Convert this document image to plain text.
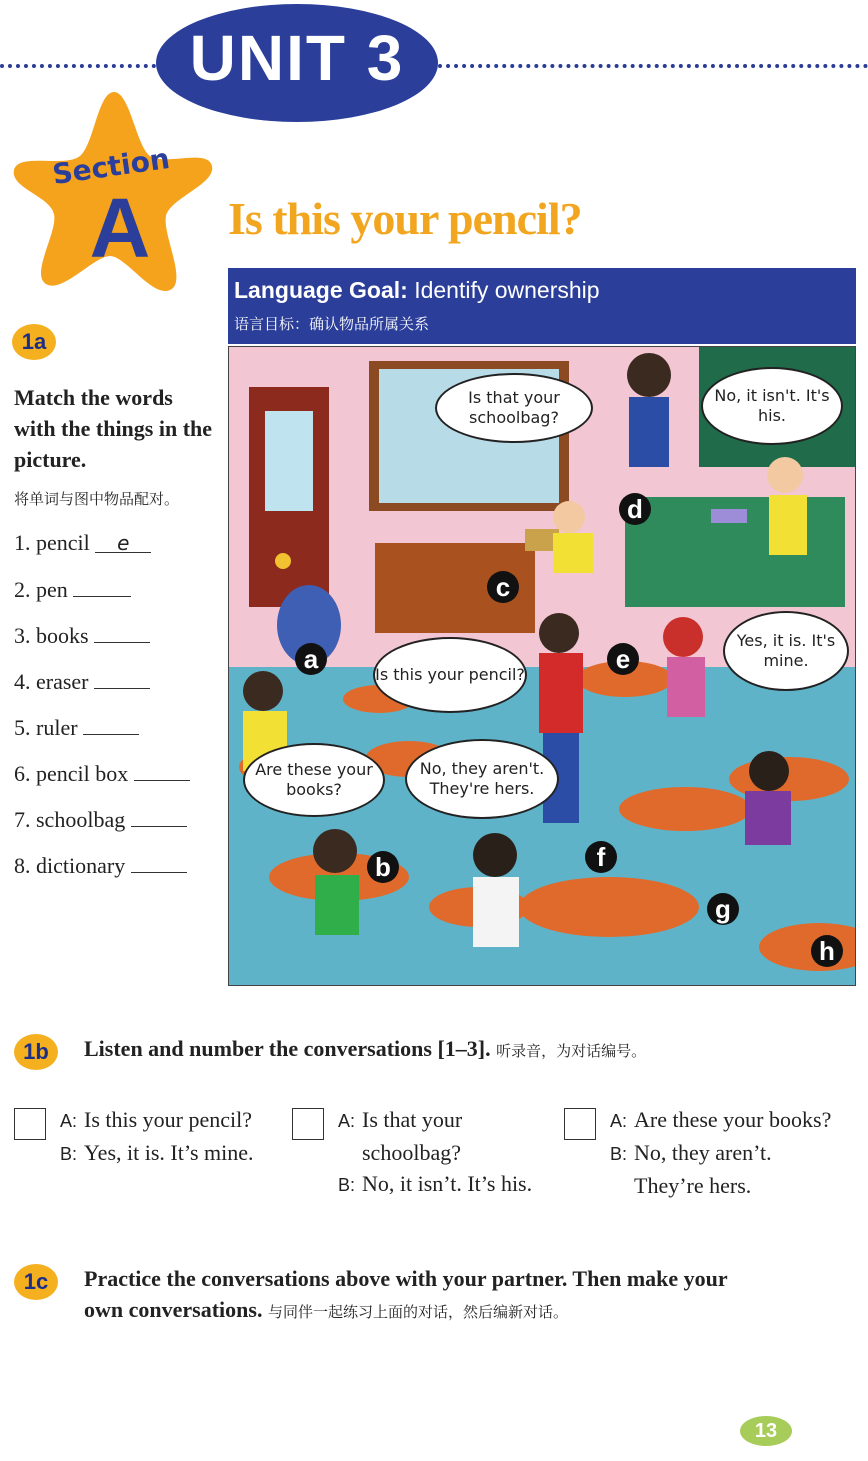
UNIT 3
Section
A	Is this your pencil?
Language Goal: Identify ownership
语言目标：确认物品所属关系
1a
Match the words with the things in the picture.
将单词与图中物品配对。
1. pencil e
2. pen
3. books
4. eraser
5. ruler
6. pencil box
7. schoolbag
8. dictionary
Is that your schoolbag?
No, it isn't. It's his.
Yes, it is. It's mine.
Is this your pencil?
Are these your books?
No, they aren't. They're hers.
a
b
c
d
e
f
g
h
1b	Listen and number the conversations [1–3]. 听录音，为对话编号。
A: Is this your pencil?
B: Yes, it is. It’s mine.
A: Is that your
schoolbag?
B: No, it isn’t. It’s his.
A: Are these your books?
B: No, they aren’t.
They’re hers.
1c	Practice the conversations above with your partner. Then make your
own conversations. 与同伴一起练习上面的对话，然后编新对话。
13
